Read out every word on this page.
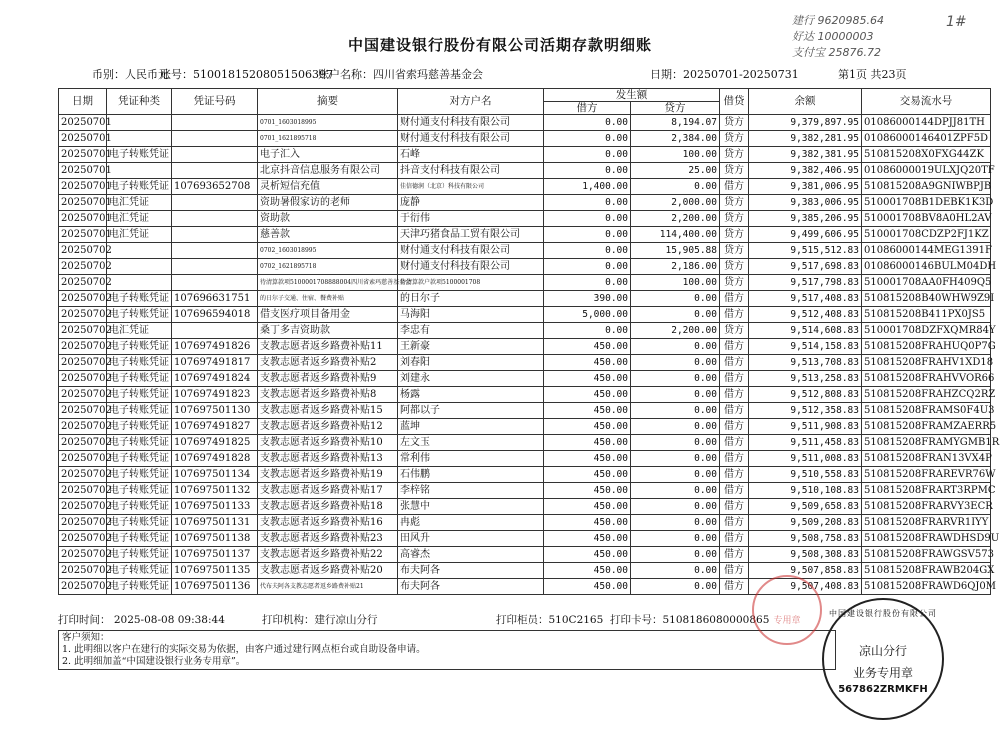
中国建设银行股份有限公司活期存款明细账
建行 9620985.64
好达 10000003
支付宝 25876.72
1#
币别：人民币元
账号：51001815208051506397
账户名称：四川省索玛慈善基金会	日期：20250701-20250731	第1页 共23页
日期	凭证种类	凭证号码	摘要	对方户名	发生额		借贷	余额	交易流水号
					借方	贷方			
20250701			0701_1603018995	财付通支付科技有限公司	0.00	8,194.07	贷方	9,379,897.95	01086000144DPJJ81TH
20250701			0701_1621895718	财付通支付科技有限公司	0.00	2,384.00	贷方	9,382,281.95	01086000146401ZPF5D
20250701	电子转账凭证		电子汇入	石峰	0.00	100.00	贷方	9,382,381.95	510815208X0FXG44ZK
20250701			北京抖音信息服务有限公司	抖音支付科技有限公司	0.00	25.00	贷方	9,382,406.95	01086000019ULXJQ20TF
20250701	电子转账凭证	107693652708	灵析短信充值	佳信德润（北京）科技有限公司	1,400.00	0.00	借方	9,381,006.95	510815208A9GNIWBPJB
20250701	电汇凭证		资助暑假家访的老师	庞静	0.00	2,000.00	贷方	9,383,006.95	510001708B1DEBK1K3D
20250701	电汇凭证		资助款	于衍伟	0.00	2,200.00	贷方	9,385,206.95	510001708BV8A0HL2AV
20250701	电汇凭证		慈善款	天津巧猪食品工贸有限公司	0.00	114,400.00	贷方	9,499,606.95	510001708CDZP2FJ1KZ
20250702			0702_1603018995	财付通支付科技有限公司	0.00	15,905.88	贷方	9,515,512.83	01086000144MEG1391F
20250702			0702_1621895718	财付通支付科技有限公司	0.00	2,186.00	贷方	9,517,698.83	01086000146BULM04DH
20250702			待清算款项5100001708888004四川省索玛慈善基金会	待清算款户款项5100001708	0.00	100.00	贷方	9,517,798.83	510001708AA0FH409Q5
20250702	电子转账凭证	107696631751	的日尔子交通、住宿、餐费补贴	的日尔子	390.00	0.00	借方	9,517,408.83	510815208B40WHW9Z9I
20250702	电子转账凭证	107696594018	借支医疗项目备用金	马海阳	5,000.00	0.00	借方	9,512,408.83	510815208B411PX0JS5
20250702	电汇凭证		桑丁多吉资助款	李忠有	0.00	2,200.00	贷方	9,514,608.83	510001708DZFXQMR84Y
20250702	电子转账凭证	107697491826	支教志愿者返乡路费补贴11	王新豪	450.00	0.00	借方	9,514,158.83	510815208FRAHUQ0P7G
20250702	电子转账凭证	107697491817	支教志愿者返乡路费补贴2	刘春阳	450.00	0.00	借方	9,513,708.83	510815208FRAHV1XD18
20250702	电子转账凭证	107697491824	支教志愿者返乡路费补贴9	刘建永	450.00	0.00	借方	9,513,258.83	510815208FRAHVVOR66
20250702	电子转账凭证	107697491823	支教志愿者返乡路费补贴8	杨露	450.00	0.00	借方	9,512,808.83	510815208FRAHZCQ2RZ
20250702	电子转账凭证	107697501130	支教志愿者返乡路费补贴15	阿都以子	450.00	0.00	借方	9,512,358.83	510815208FRAMS0F4U3
20250702	电子转账凭证	107697491827	支教志愿者返乡路费补贴12	蓝坤	450.00	0.00	借方	9,511,908.83	510815208FRAMZAERR5
20250702	电子转账凭证	107697491825	支教志愿者返乡路费补贴10	左文玉	450.00	0.00	借方	9,511,458.83	510815208FRAMYGMB1R
20250702	电子转账凭证	107697491828	支教志愿者返乡路费补贴13	常利伟	450.00	0.00	借方	9,511,008.83	510815208FRAN13VX4P
20250702	电子转账凭证	107697501134	支教志愿者返乡路费补贴19	石伟鹏	450.00	0.00	借方	9,510,558.83	510815208FRAREVR76W
20250702	电子转账凭证	107697501132	支教志愿者返乡路费补贴17	李梓铭	450.00	0.00	借方	9,510,108.83	510815208FRART3RPMC
20250702	电子转账凭证	107697501133	支教志愿者返乡路费补贴18	张慧中	450.00	0.00	借方	9,509,658.83	510815208FRARVY3ECR
20250702	电子转账凭证	107697501131	支教志愿者返乡路费补贴16	冉彪	450.00	0.00	借方	9,509,208.83	510815208FRARVR1IYY
20250702	电子转账凭证	107697501138	支教志愿者返乡路费补贴23	田风升	450.00	0.00	借方	9,508,758.83	510815208FRAWDHSD9U
20250702	电子转账凭证	107697501137	支教志愿者返乡路费补贴22	高睿杰	450.00	0.00	借方	9,508,308.83	510815208FRAWGSV573
20250702	电子转账凭证	107697501135	支教志愿者返乡路费补贴20	布夫阿各	450.00	0.00	借方	9,507,858.83	510815208FRAWB204GX
20250702	电子转账凭证	107697501136	代布夫阿各支教志愿者返乡路费补贴21	布夫阿各	450.00	0.00	借方	9,507,408.83	510815208FRAWD6QJ0M
打印时间： 2025-08-08 09:38:44	打印机构：建行凉山分行	打印柜员：510C2165 打印卡号：5108186080000865
客户须知：
1. 此明细以客户在建行的实际交易为依据，由客户通过建行网点柜台或自助设备申请。
2. 此明细加盖“中国建设银行业务专用章”。
专用章
中国建设银行股份有限公司
凉山分行
业务专用章
567862ZRMKFH
